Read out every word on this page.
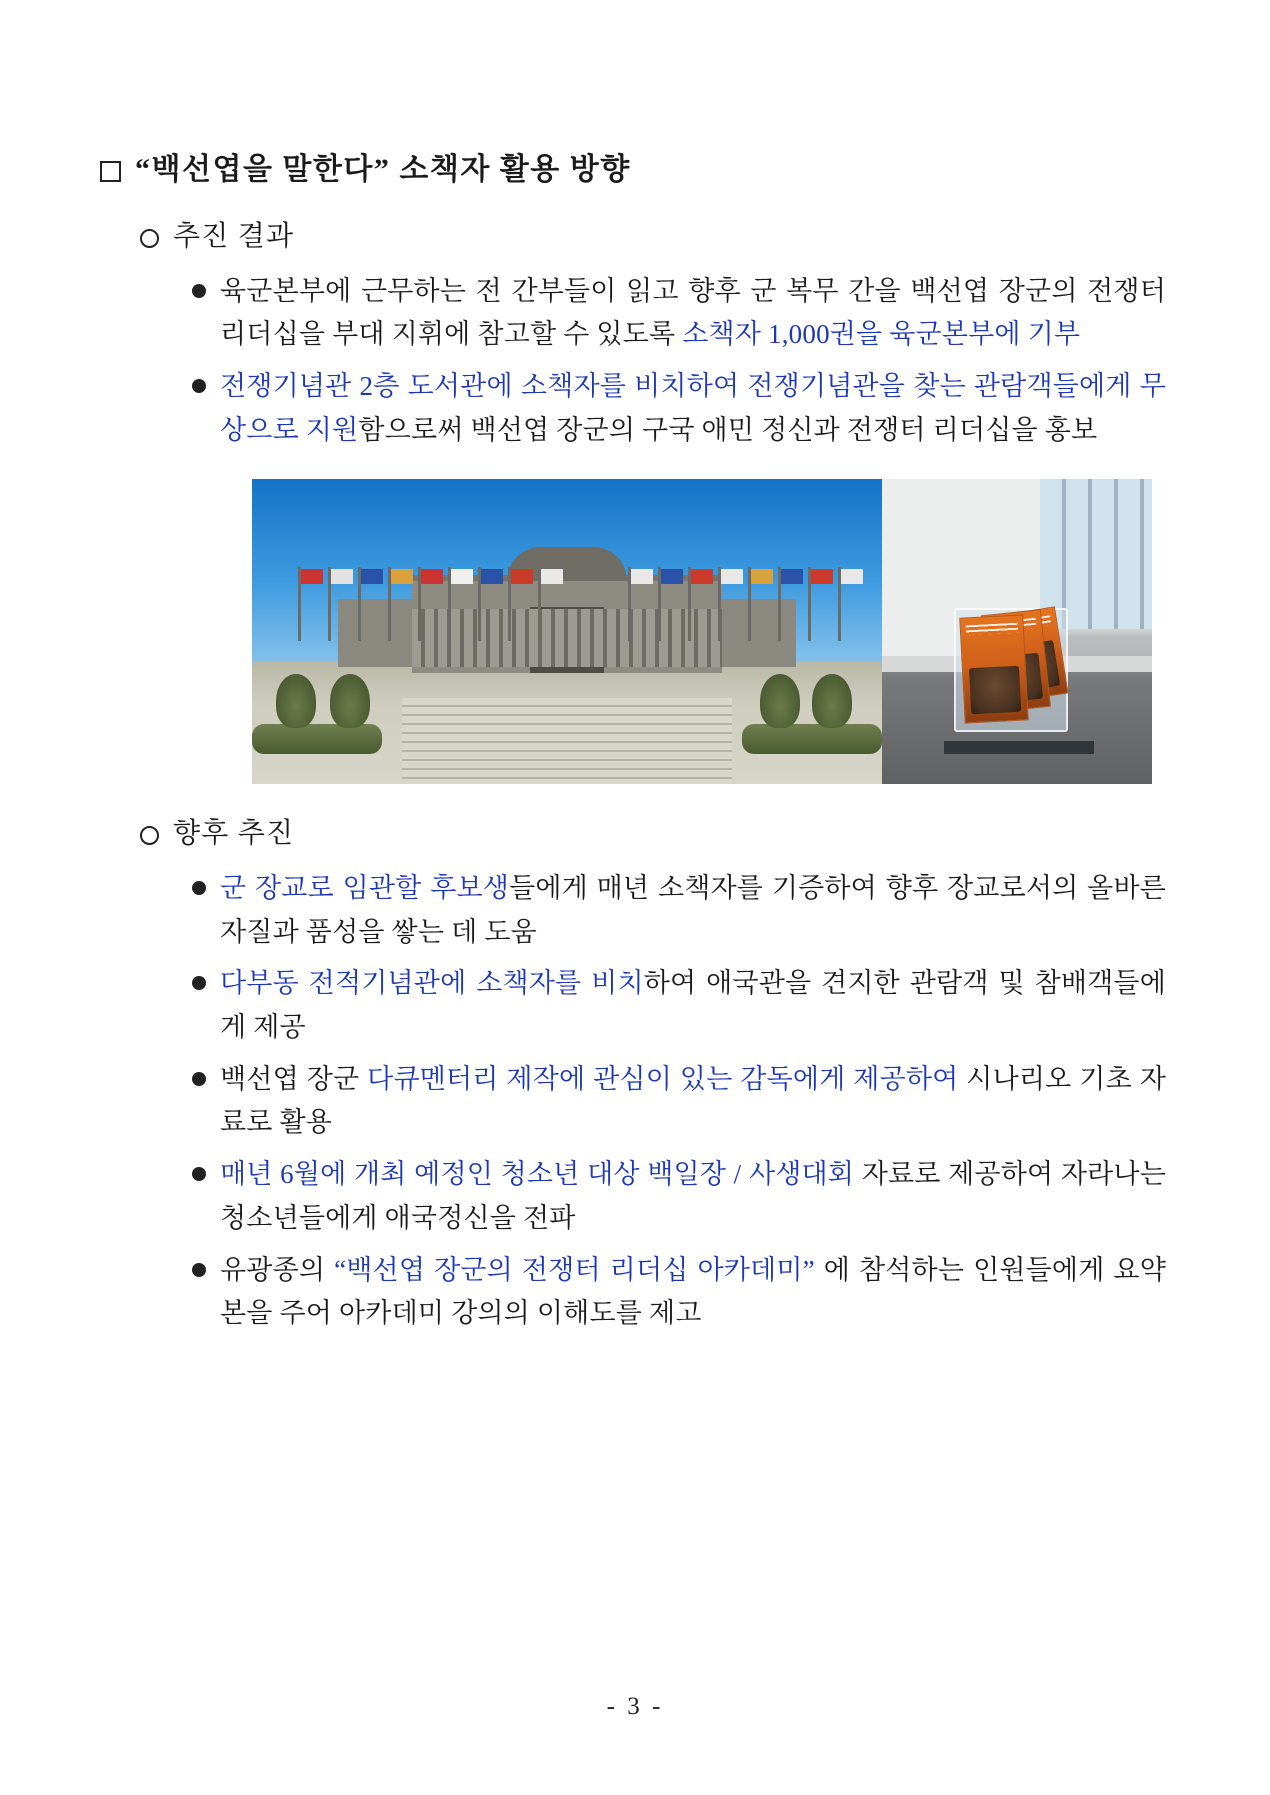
“백선엽을 말한다” 소책자 활용 방향
추진 결과
육군본부에 근무하는 전 간부들이 읽고 향후 군 복무 간을 백선엽 장군의 전쟁터 리더십을 부대 지휘에 참고할 수 있도록 소책자 1,000권을 육군본부에 기부
전쟁기념관 2층 도서관에 소책자를 비치하여 전쟁기념관을 찾는 관람객들에게 무상으로 지원함으로써 백선엽 장군의 구국 애민 정신과 전쟁터 리더십을 홍보
향후 추진
군 장교로 임관할 후보생들에게 매년 소책자를 기증하여 향후 장교로서의 올바른 자질과 품성을 쌓는 데 도움
다부동 전적기념관에 소책자를 비치하여 애국관을 견지한 관람객 및 참배객들에게 제공
백선엽 장군 다큐멘터리 제작에 관심이 있는 감독에게 제공하여 시나리오 기초 자료로 활용
매년 6월에 개최 예정인 청소년 대상 백일장 / 사생대회 자료로 제공하여 자라나는 청소년들에게 애국정신을 전파
유광종의 “백선엽 장군의 전쟁터 리더십 아카데미” 에 참석하는 인원들에게 요약본을 주어 아카데미 강의의 이해도를 제고
- 3 -
